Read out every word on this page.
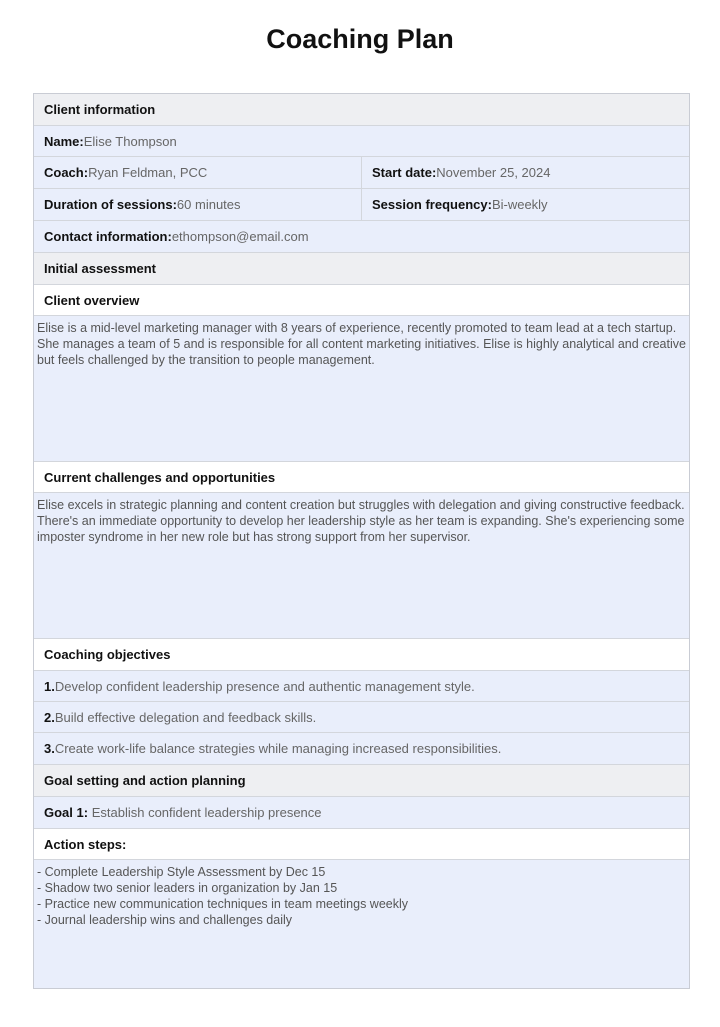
Coaching Plan
Client information
Name: Elise Thompson
Coach: Ryan Feldman, PCC	Start date: November 25, 2024
Duration of sessions: 60 minutes	Session frequency: Bi-weekly
Contact information: ethompson@email.com
Initial assessment
Client overview
Elise is a mid-level marketing manager with 8 years of experience, recently promoted to team lead at a tech startup. She manages a team of 5 and is responsible for all content marketing initiatives. Elise is highly analytical and creative but feels challenged by the transition to people management.
Current challenges and opportunities
Elise excels in strategic planning and content creation but struggles with delegation and giving constructive feedback. There's an immediate opportunity to develop her leadership style as her team is expanding. She's experiencing some imposter syndrome in her new role but has strong support from her supervisor.
Coaching objectives
1. Develop confident leadership presence and authentic management style.
2. Build effective delegation and feedback skills.
3. Create work-life balance strategies while managing increased responsibilities.
Goal setting and action planning
Goal 1:
Establish confident leadership presence
Action steps:
- Complete Leadership Style Assessment by Dec 15
- Shadow two senior leaders in organization by Jan 15
- Practice new communication techniques in team meetings weekly
- Journal leadership wins and challenges daily
